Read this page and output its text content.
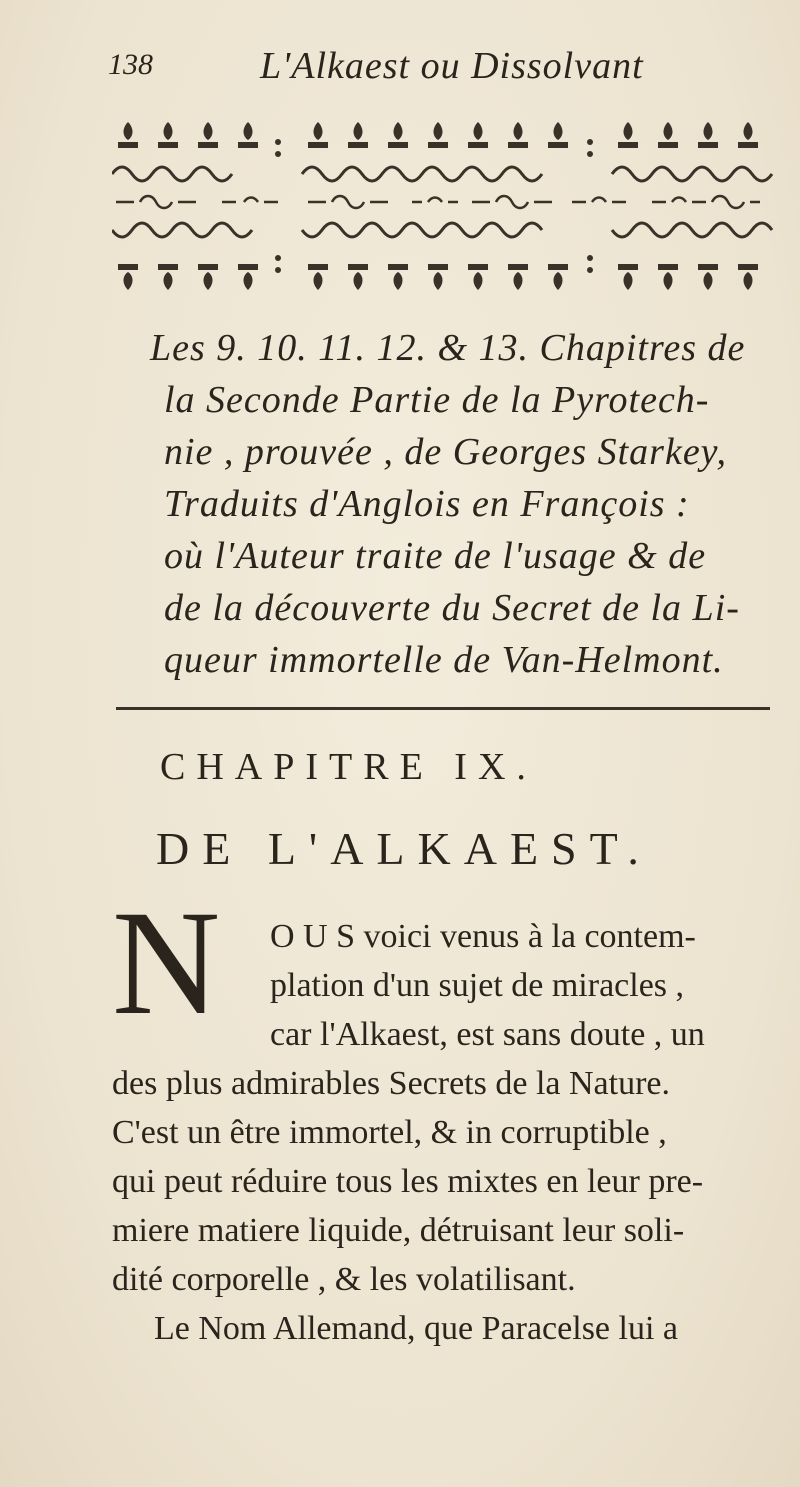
138	L'Alkaest ou Dissolvant
Les 9. 10. 11. 12. & 13. Chapitres de
la Seconde Partie de la Pyrotech-
nie , prouvée , de Georges Starkey,
Traduits d'Anglois en François :
où l'Auteur traite de l'usage & de
de la découverte du Secret de la Li-
queur immortelle de Van-Helmont.
CHAPITRE IX.
DE L'ALKAEST.
N	O U S voici venus à la contem-
plation d'un sujet de miracles ,
car l'Alkaest, est sans doute , un
des plus admirables Secrets de la Nature.
C'est un être immortel, & in corruptible ,
qui peut réduire tous les mixtes en leur pre-
miere matiere liquide, détruisant leur soli-
dité corporelle , & les volatilisant.
Le Nom Allemand, que Paracelse lui a
